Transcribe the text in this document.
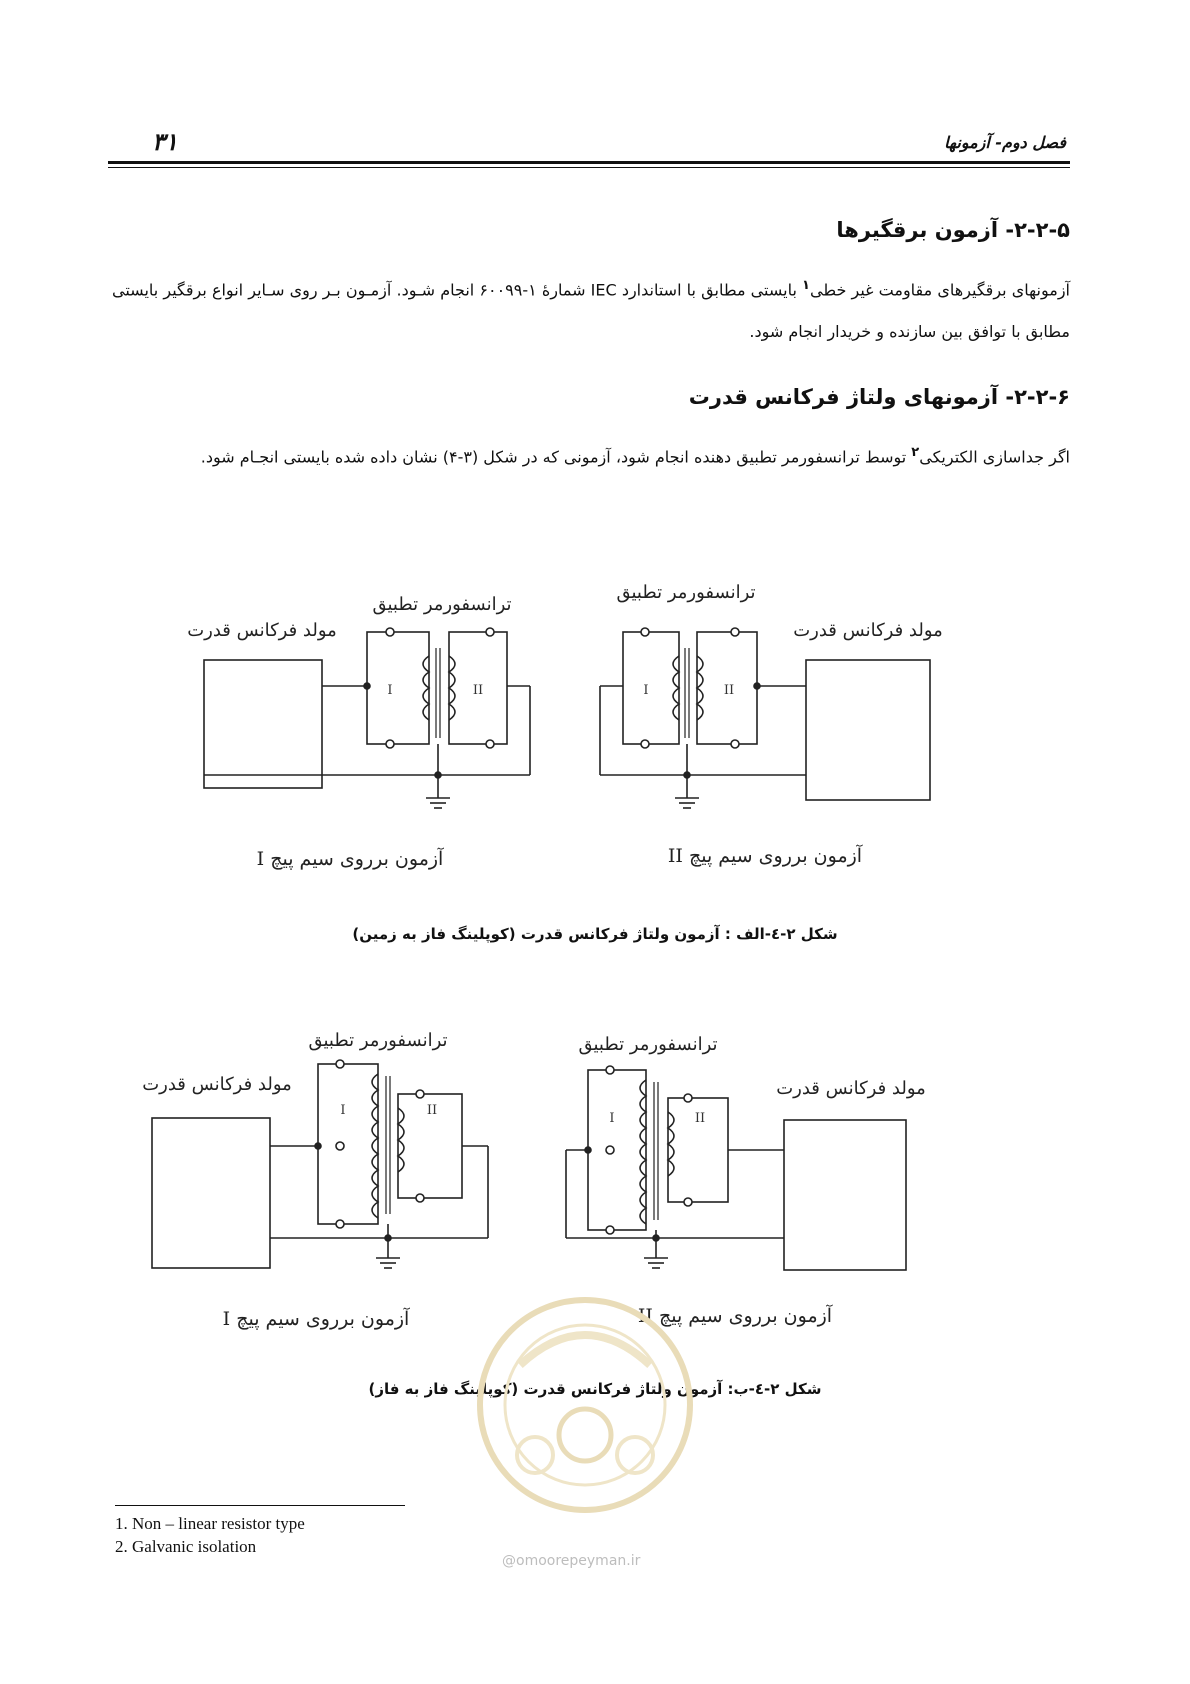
۳۱	فصل دوم- آزمونها
۲-۲-۵- آزمون برقگیرها
آزمونهای برقگیرهای مقاومت غیر خطی$^۱$ بایستی مطابق با استاندارد IEC شمارهٔ ۱-۶۰۰۹۹ انجام شـود. آزمـون بـر روی سـایر انواع برقگیر بایستی مطابق با توافق بین سازنده و خریدار انجام شود.
۲-۲-۶- آزمونهای ولتاژ فرکانس قدرت
اگر جداسازی الکتریکی$^۲$ توسط ترانسفورمر تطبیق دهنده انجام شود، آزمونی که در شکل (۳-۴) نشان داده شده بایستی انجـام شود.
مولد فرکانس قدرت
ترانسفورمر تطبیق
I	II
آزمون برروی سیم پیچ I
مولد فرکانس قدرت
ترانسفورمر تطبیق
I	II
آزمون برروی سیم پیچ II
شکل ۲-٤-الف : آزمون ولتاژ فرکانس قدرت (کوپلینگ فاز به زمین)
مولد فرکانس قدرت
ترانسفورمر تطبیق
I	II
آزمون برروی سیم پیچ I
مولد فرکانس قدرت
ترانسفورمر تطبیق
I	II
آزمون برروی سیم پیچ II
شکل ۲-٤-ب: آزمون ولتاژ فرکانس قدرت (کوپلینگ فاز به فاز)
@omoorepeyman.ir
1. Non – linear resistor type
2. Galvanic isolation
